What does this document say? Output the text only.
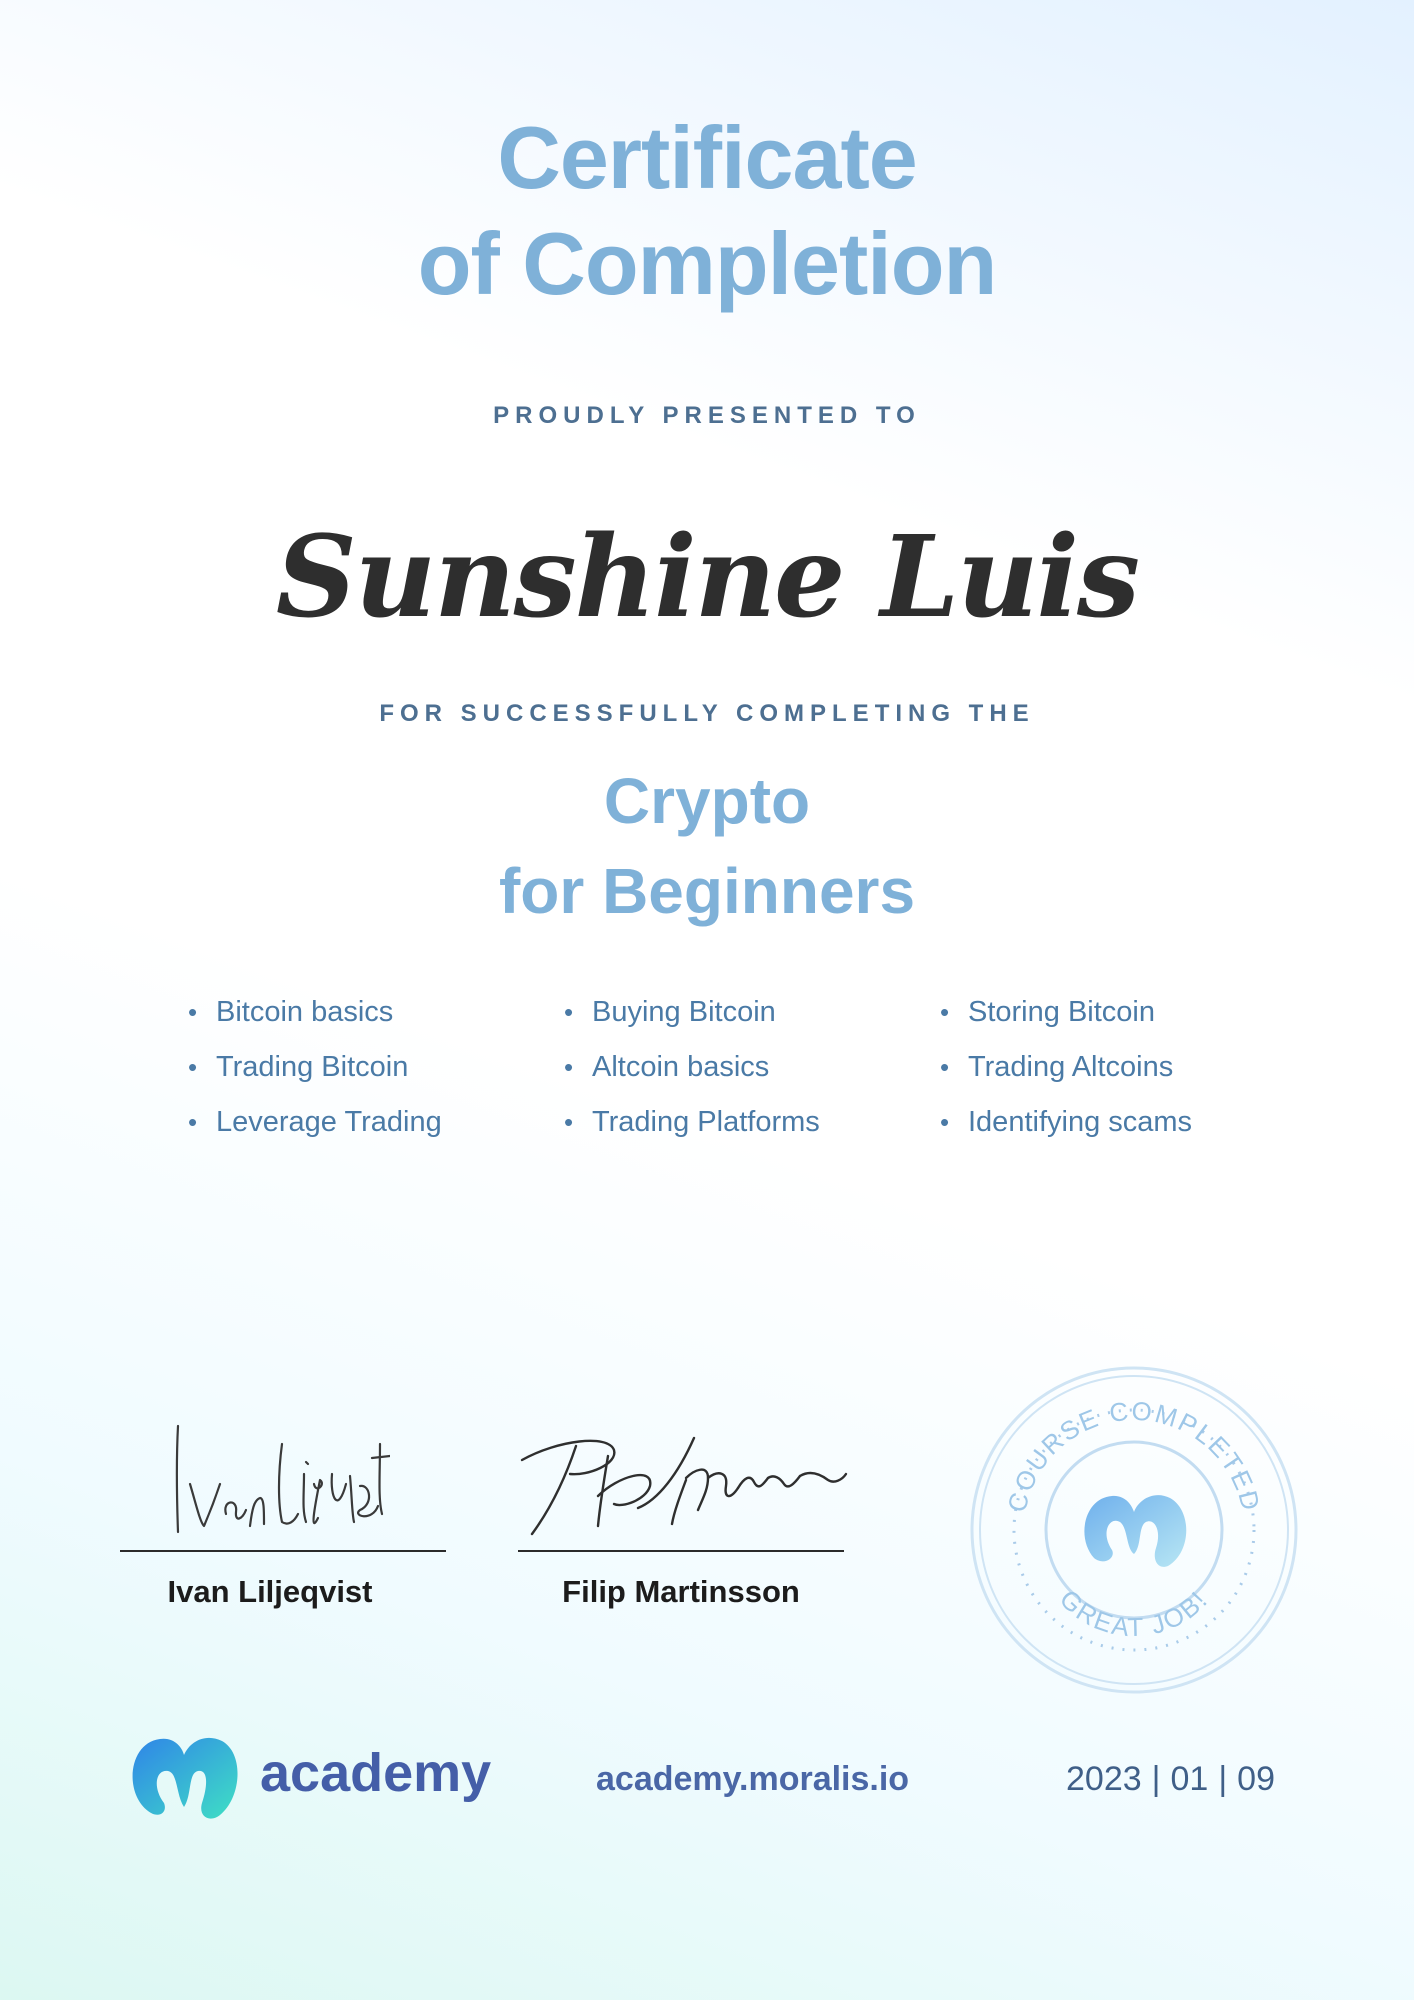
Certificate
of Completion
PROUDLY PRESENTED TO
Sunshine Luis
FOR SUCCESSFULLY COMPLETING THE
Crypto
for Beginners
• Bitcoin basics	• Buying Bitcoin	• Storing Bitcoin
• Trading Bitcoin	• Altcoin basics	• Trading Altcoins
• Leverage Trading	• Trading Platforms	• Identifying scams
Ivan Liljeqvist	Filip Martinsson
COURSE COMPLETED
GREAT JOB!
academy	academy.moralis.io	2023 | 01 | 09
